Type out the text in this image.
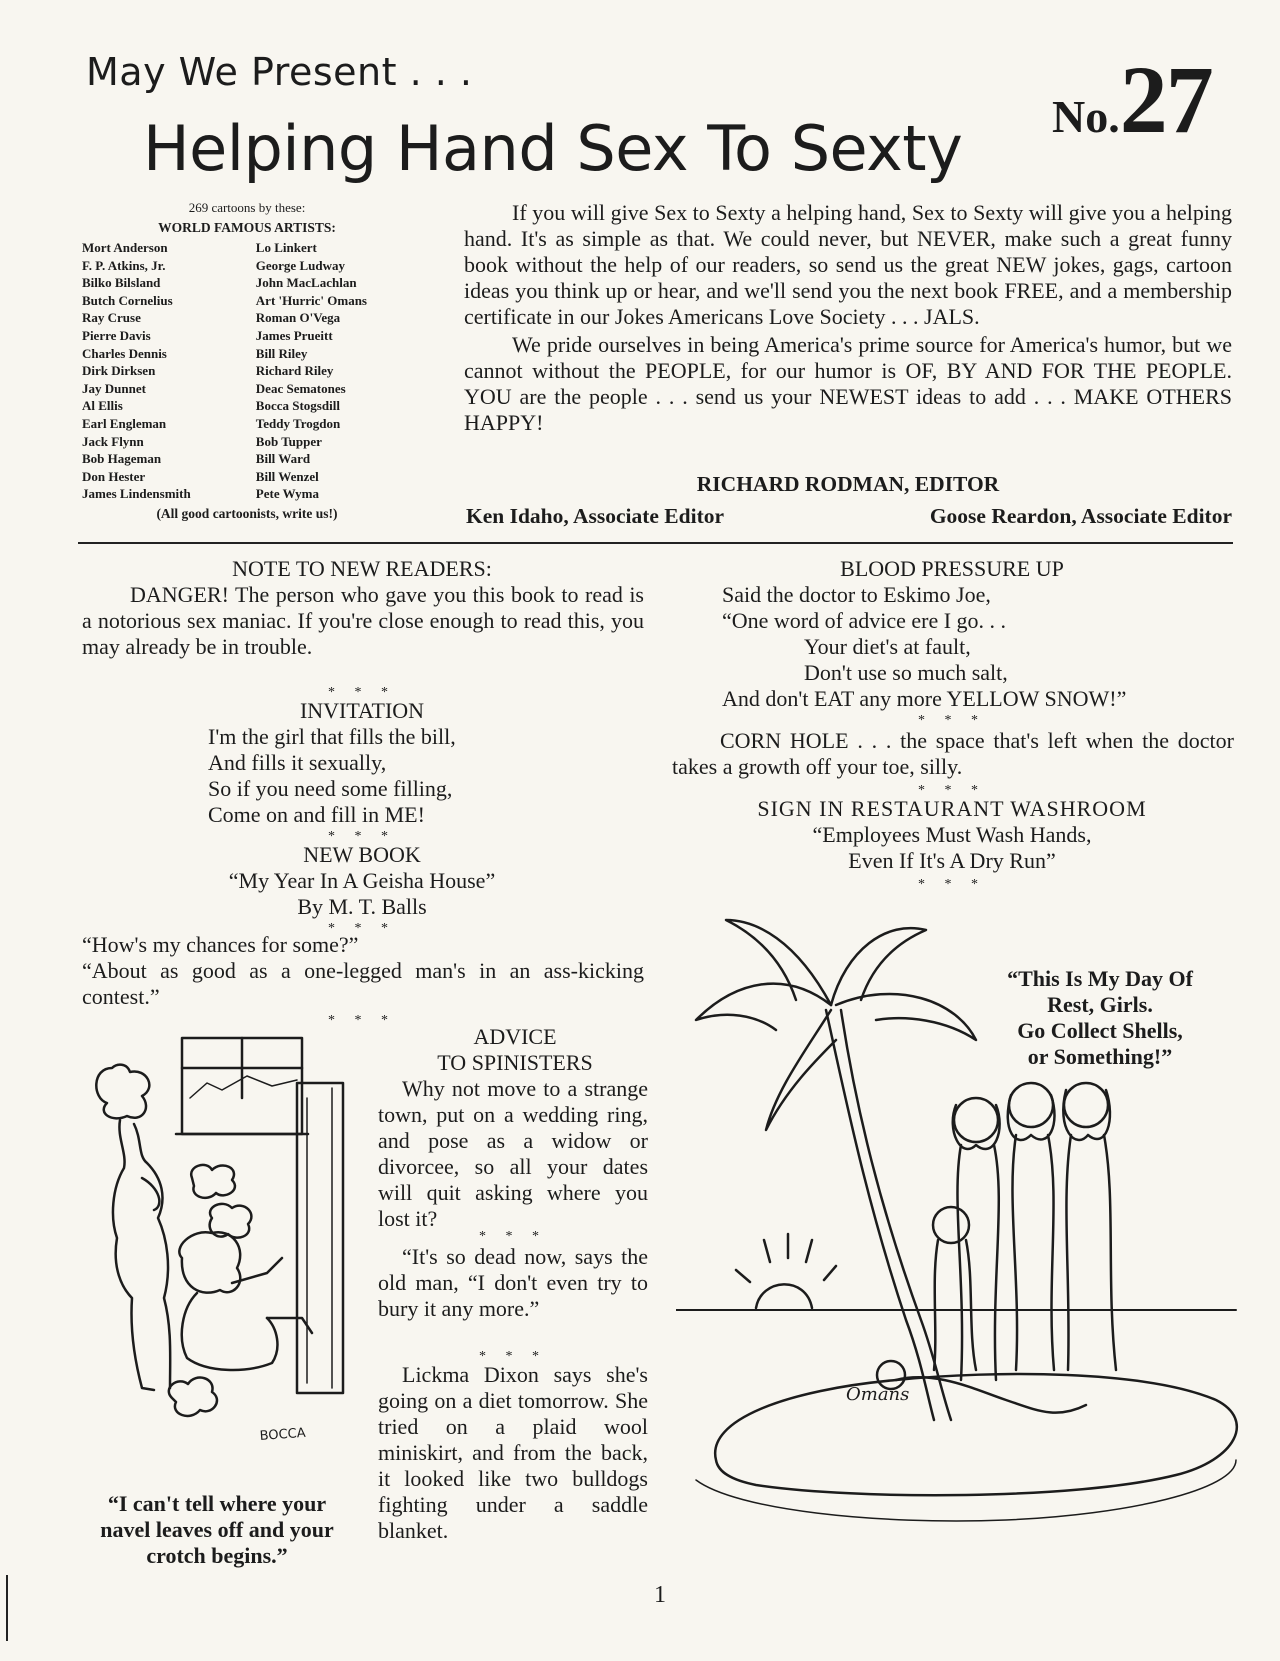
May We Present . . .
Helping Hand Sex To Sexty No.27
269 cartoons by these:
WORLD FAMOUS ARTISTS:
Mort Anderson
F. P. Atkins, Jr.
Bilko Bilsland
Butch Cornelius
Ray Cruse
Pierre Davis
Charles Dennis
Dirk Dirksen
Jay Dunnet
Al Ellis
Earl Engleman
Jack Flynn
Bob Hageman
Don Hester
James Lindensmith
Lo Linkert
George Ludway
John MacLachlan
Art 'Hurric' Omans
Roman O'Vega
James Prueitt
Bill Riley
Richard Riley
Deac Sematones
Bocca Stogsdill
Teddy Trogdon
Bob Tupper
Bill Ward
Bill Wenzel
Pete Wyma
(All good cartoonists, write us!)

If you will give Sex to Sexty a helping hand, Sex to Sexty will give you a helping hand. It's as simple as that. We could never, but NEVER, make such a great funny book without the help of our readers, so send us the great NEW jokes, gags, cartoon ideas you think up or hear, and we'll send you the next book FREE, and a membership certificate in our Jokes Americans Love Society . . . JALS.

We pride ourselves in being America's prime source for America's humor, but we cannot without the PEOPLE, for our humor is OF, BY AND FOR THE PEOPLE. YOU are the people . . . send us your NEWEST ideas to add . . . MAKE OTHERS HAPPY!

RICHARD RODMAN, EDITOR
Ken Idaho, Associate Editor	Goose Reardon, Associate Editor
NOTE TO NEW READERS:
DANGER! The person who gave you this book to read is a notorious sex maniac. If you're close enough to read this, you may already be in trouble.
* * *
INVITATION
I'm the girl that fills the bill,
And fills it sexually,
So if you need some filling,
Come on and fill in ME!
* * *
NEW BOOK
“My Year In A Geisha House”
By M. T. Balls
* * *
“How's my chances for some?”
“About as good as a one-legged man's in an ass-kicking contest.”
* * *
BOCCA
“I can't tell where your navel leaves off and your crotch begins.”
ADVICE
TO SPINISTERS
Why not move to a strange town, put on a wedding ring, and pose as a widow or divorcee, so all your dates will quit asking where you lost it?
* * *
“It's so dead now, says the old man, “I don't even try to bury it any more.”
* * *
Lickma Dixon says she's going on a diet tomorrow. She tried on a plaid wool miniskirt, and from the back, it looked like two bulldogs fighting under a saddle blanket.
BLOOD PRESSURE UP
Said the doctor to Eskimo Joe,
“One word of advice ere I go. . .
Your diet's at fault,
Don't use so much salt,
And don't EAT any more YELLOW SNOW!”
* * *
CORN HOLE . . . the space that's left when the doctor takes a growth off your toe, silly.
* * *
SIGN IN RESTAURANT WASHROOM
“Employees Must Wash Hands,
Even If It's A Dry Run”
* * *
Omans
“This Is My Day Of
Rest, Girls.
Go Collect Shells,
or Something!”
1
